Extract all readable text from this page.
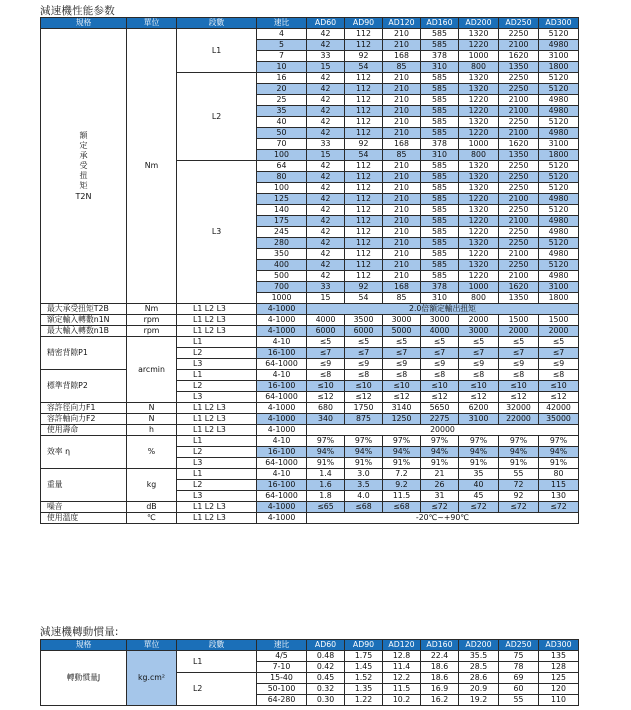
減速機性能参数
規格	單位	段數	速比	AD60	AD90	AD120	AD160	AD200	AD250	AD300
額定承受扭矩
T2N	Nm	L1	4	42	112	210	585	1320	2250	5120
			5	42	112	210	585	1220	2100	4980
			7	33	92	168	378	1000	1620	3100
			10	15	54	85	310	800	1350	1800
		L2	16	42	112	210	585	1320	2250	5120
			20	42	112	210	585	1320	2250	5120
			25	42	112	210	585	1220	2100	4980
			35	42	112	210	585	1220	2100	4980
			40	42	112	210	585	1320	2250	5120
			50	42	112	210	585	1220	2100	4980
			70	33	92	168	378	1000	1620	3100
			100	15	54	85	310	800	1350	1800
		L3	64	42	112	210	585	1320	2250	5120
			80	42	112	210	585	1320	2250	5120
			100	42	112	210	585	1320	2250	5120
			125	42	112	210	585	1220	2100	4980
			140	42	112	210	585	1320	2250	5120
			175	42	112	210	585	1220	2100	4980
			245	42	112	210	585	1220	2250	4980
			280	42	112	210	585	1320	2250	5120
			350	42	112	210	585	1220	2100	4980
			400	42	112	210	585	1320	2250	5120
			500	42	112	210	585	1220	2100	4980
			700	33	92	168	378	1000	1620	3100
			1000	15	54	85	310	800	1350	1800
最大承受扭矩T2B	Nm	L1 L2 L3	4-1000	2.0倍額定輸出扭矩						
額定輸入轉數n1N	rpm	L1 L2 L3	4-1000	4000	3500	3000	3000	2000	1500	1500
最大輸入轉数n1B	rpm	L1 L2 L3	4-1000	6000	6000	5000	4000	3000	2000	2000
精密背隙P1	arcmin	L1	4-10	≤5	≤5	≤5	≤5	≤5	≤5	≤5
		L2	16-100	≤7	≤7	≤7	≤7	≤7	≤7	≤7
		L3	64-1000	≤9	≤9	≤9	≤9	≤9	≤9	≤9
標準背隙P2		L1	4-10	≤8	≤8	≤8	≤8	≤8	≤8	≤8
		L2	16-100	≤10	≤10	≤10	≤10	≤10	≤10	≤10
		L3	64-1000	≤12	≤12	≤12	≤12	≤12	≤12	≤12
容許徑向力F1	N	L1 L2 L3	4-1000	680	1750	3140	5650	6200	32000	42000
容許軸向力F2	N	L1 L2 L3	4-1000	340	875	1250	2275	3100	22000	35000
使用壽命	h	L1 L2 L3	4-1000	20000						
效率 η	%	L1	4-10	97%	97%	97%	97%	97%	97%	97%
		L2	16-100	94%	94%	94%	94%	94%	94%	94%
		L3	64-1000	91%	91%	91%	91%	91%	91%	91%
重量	kg	L1	4-10	1.4	3.0	7.2	21	35	55	80
		L2	16-100	1.6	3.5	9.2	26	40	72	115
		L3	64-1000	1.8	4.0	11.5	31	45	92	130
噪音	dB	L1 L2 L3	4-1000	≤65	≤68	≤68	≤72	≤72	≤72	≤72
使用溫度	℃	L1 L2 L3	4-1000	-20℃~+90℃						
減速機轉動慣量:
規格	單位	段數	速比	AD60	AD90	AD120	AD160	AD200	AD250	AD300
轉動慣量J	kg.cm²	L1	4/5	0.48	1.75	12.8	22.4	35.5	75	135
			7-10	0.42	1.45	11.4	18.6	28.5	78	128
		L2	15-40	0.45	1.52	12.2	18.6	28.6	69	125
			50-100	0.32	1.35	11.5	16.9	20.9	60	120
			64-280	0.30	1.22	10.2	16.2	19.2	55	110
